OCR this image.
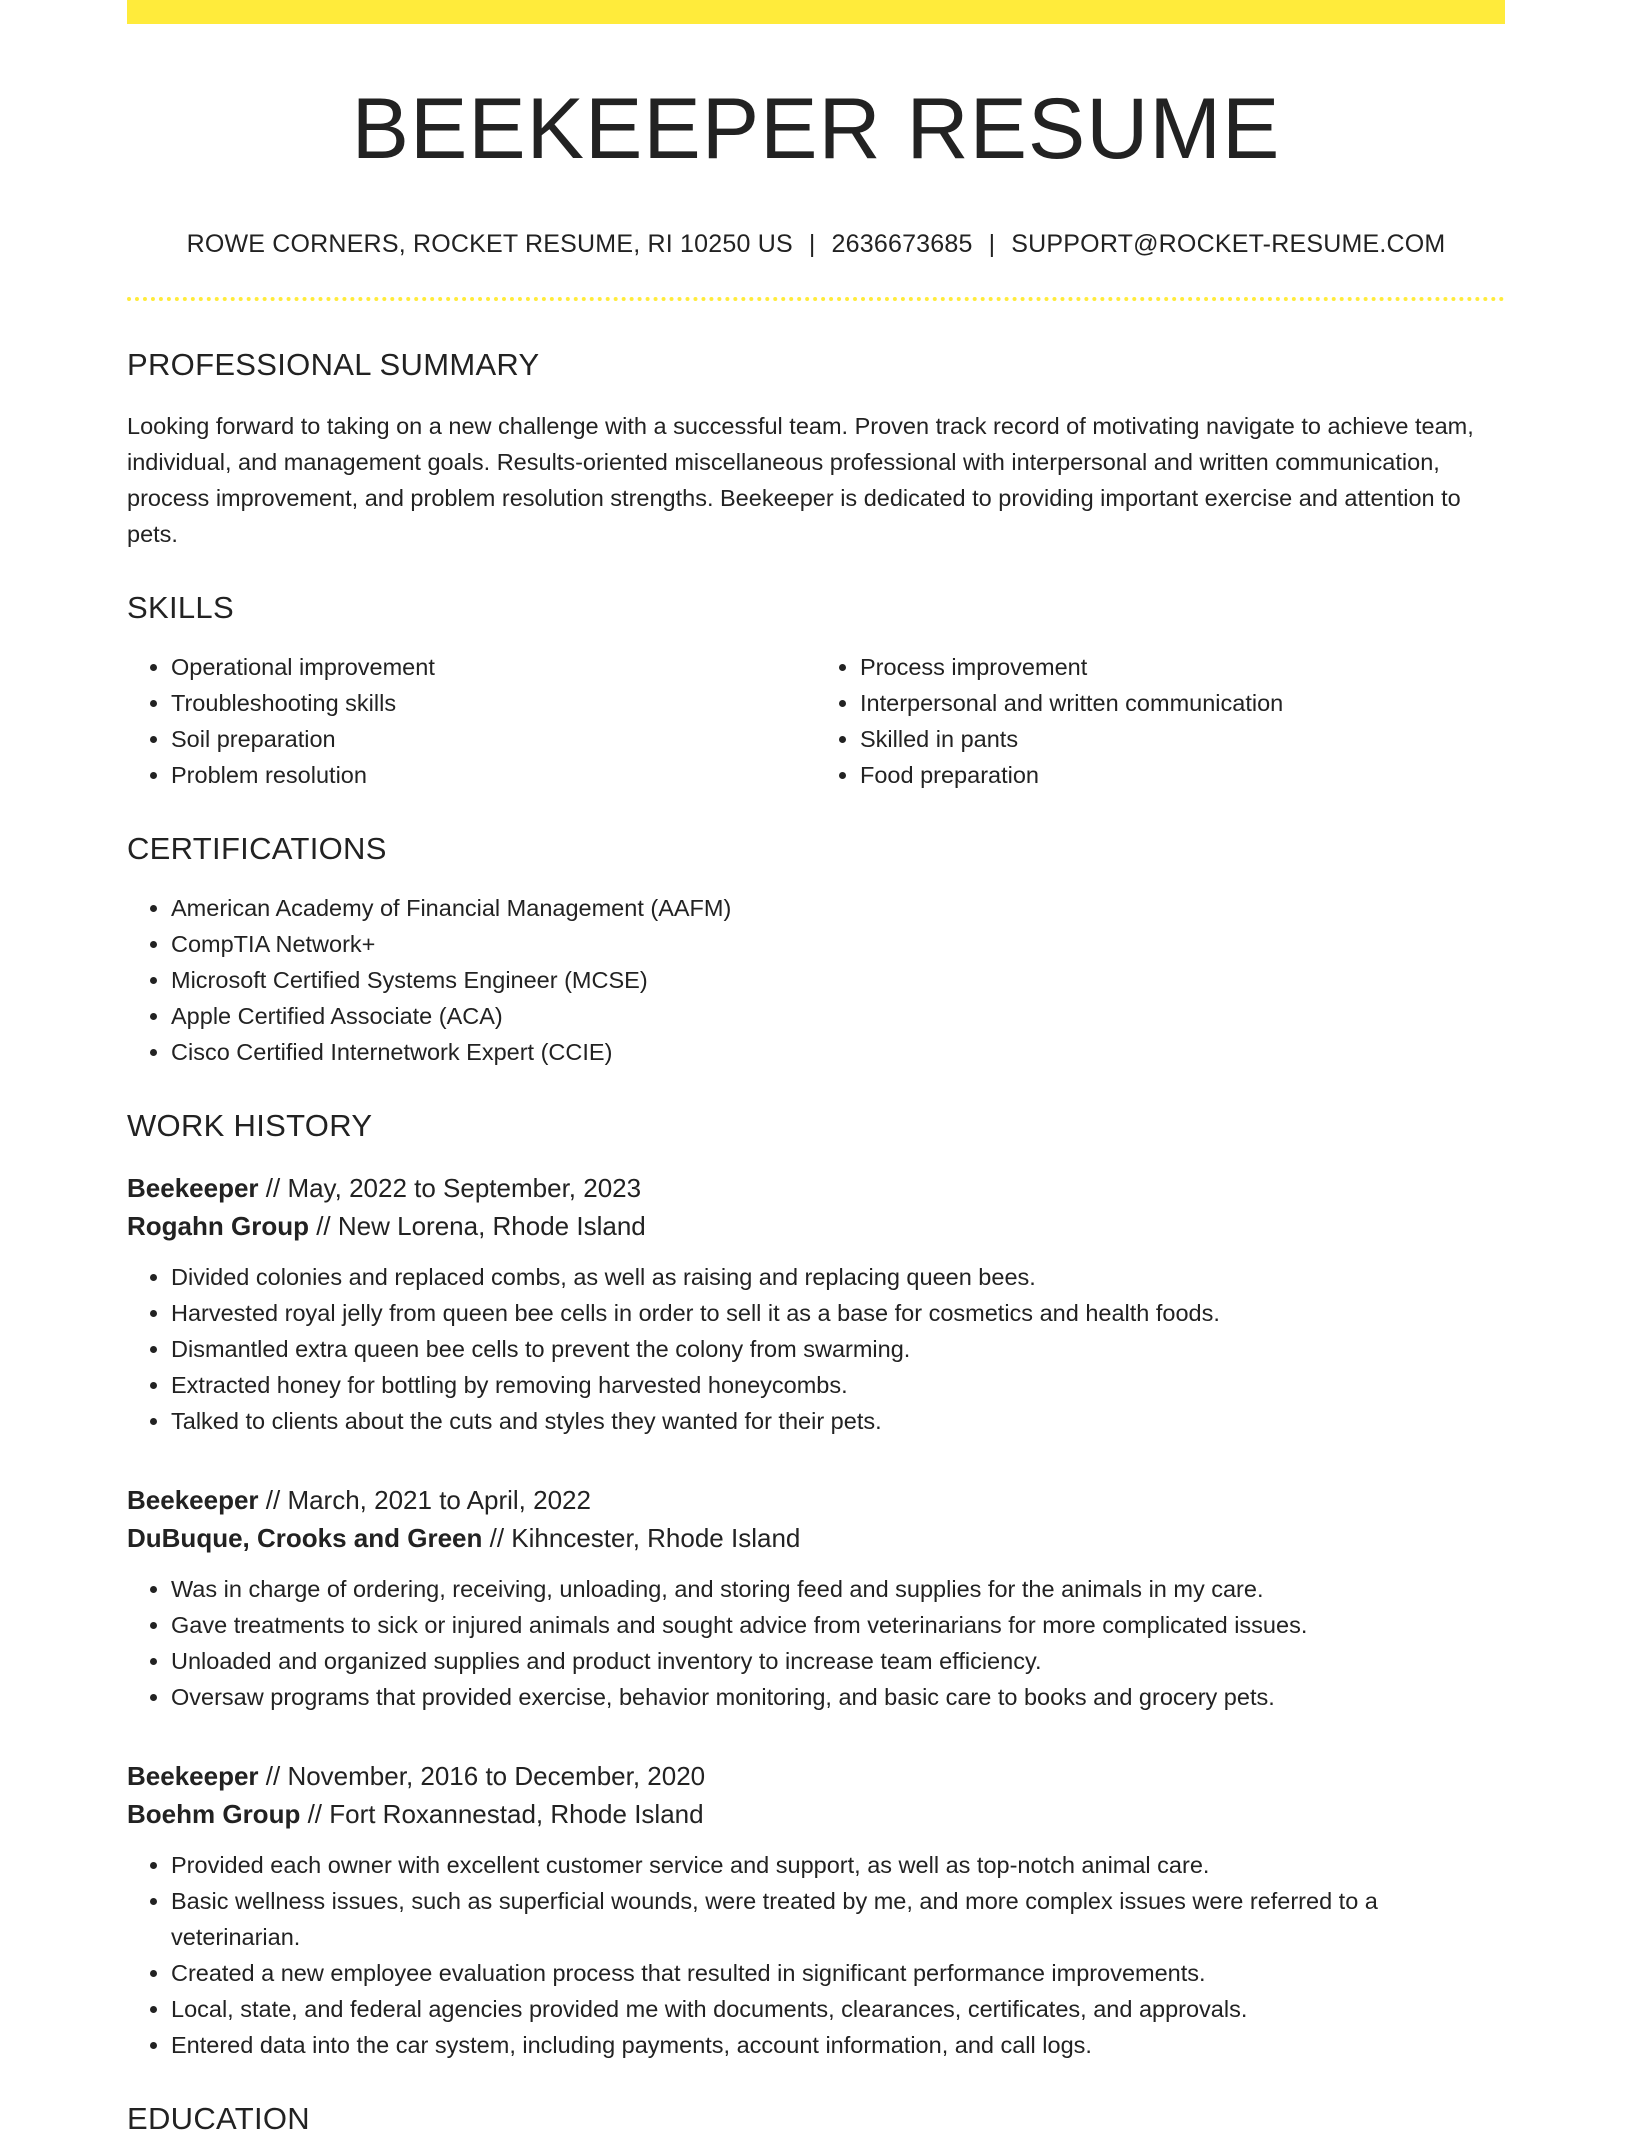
BEEKEEPER RESUME
ROWE CORNERS, ROCKET RESUME, RI 10250 US | 2636673685 | SUPPORT@ROCKET-RESUME.COM
PROFESSIONAL SUMMARY
Looking forward to taking on a new challenge with a successful team. Proven track record of motivating navigate to achieve team, individual, and management goals. Results-oriented miscellaneous professional with interpersonal and written communication, process improvement, and problem resolution strengths. Beekeeper is dedicated to providing important exercise and attention to pets.
SKILLS
• Operational improvement
• Troubleshooting skills
• Soil preparation
• Problem resolution
• Process improvement
• Interpersonal and written communication
• Skilled in pants
• Food preparation
CERTIFICATIONS
• American Academy of Financial Management (AAFM)
• CompTIA Network+
• Microsoft Certified Systems Engineer (MCSE)
• Apple Certified Associate (ACA)
• Cisco Certified Internetwork Expert (CCIE)
WORK HISTORY
Beekeeper // May, 2022 to September, 2023
Rogahn Group // New Lorena, Rhode Island
• Divided colonies and replaced combs, as well as raising and replacing queen bees.
• Harvested royal jelly from queen bee cells in order to sell it as a base for cosmetics and health foods.
• Dismantled extra queen bee cells to prevent the colony from swarming.
• Extracted honey for bottling by removing harvested honeycombs.
• Talked to clients about the cuts and styles they wanted for their pets.
Beekeeper // March, 2021 to April, 2022
DuBuque, Crooks and Green // Kihncester, Rhode Island
• Was in charge of ordering, receiving, unloading, and storing feed and supplies for the animals in my care.
• Gave treatments to sick or injured animals and sought advice from veterinarians for more complicated issues.
• Unloaded and organized supplies and product inventory to increase team efficiency.
• Oversaw programs that provided exercise, behavior monitoring, and basic care to books and grocery pets.
Beekeeper // November, 2016 to December, 2020
Boehm Group // Fort Roxannestad, Rhode Island
• Provided each owner with excellent customer service and support, as well as top-notch animal care.
• Basic wellness issues, such as superficial wounds, were treated by me, and more complex issues were referred to a veterinarian.
• Created a new employee evaluation process that resulted in significant performance improvements.
• Local, state, and federal agencies provided me with documents, clearances, certificates, and approvals.
• Entered data into the car system, including payments, account information, and call logs.
EDUCATION
